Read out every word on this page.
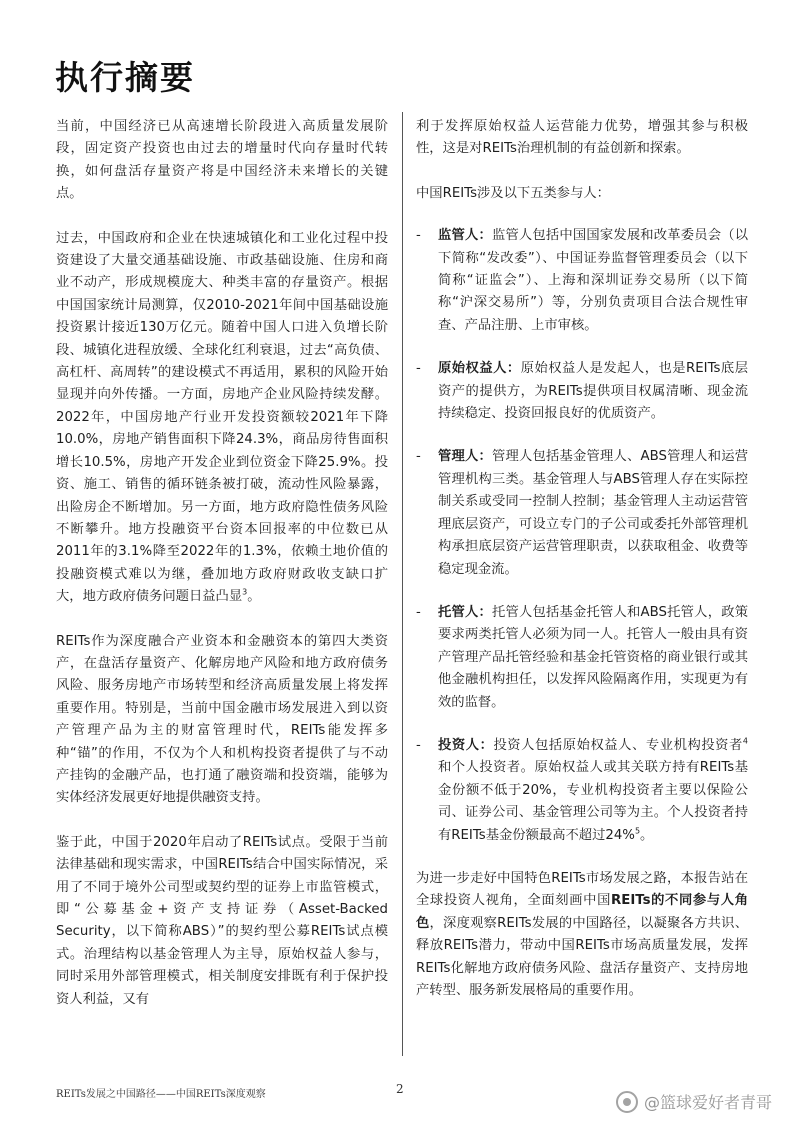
执行摘要

当前，中国经济已从高速增长阶段进入高质量发展阶段，固定资产投资也由过去的增量时代向存量时代转换，如何盘活存量资产将是中国经济未来增长的关键点。

过去，中国政府和企业在快速城镇化和工业化过程中投资建设了大量交通基础设施、市政基础设施、住房和商业不动产，形成规模庞大、种类丰富的存量资产。根据中国国家统计局测算，仅2010-2021年间中国基础设施投资累计接近130万亿元。随着中国人口进入负增长阶段、城镇化进程放缓、全球化红利衰退，过去“高负债、高杠杆、高周转”的建设模式不再适用，累积的风险开始显现并向外传播。一方面，房地产企业风险持续发酵。2022年，中国房地产行业开发投资额较2021年下降10.0%，房地产销售面积下降24.3%，商品房待售面积增长10.5%，房地产开发企业到位资金下降25.9%。投资、施工、销售的循环链条被打破，流动性风险暴露，出险房企不断增加。另一方面，地方政府隐性债务风险不断攀升。地方投融资平台资本回报率的中位数已从2011年的3.1%降至2022年的1.3%，依赖土地价值的投融资模式难以为继，叠加地方政府财政收支缺口扩大，地方政府债务问题日益凸显$^3$。

REITs作为深度融合产业资本和金融资本的第四大类资产，在盘活存量资产、化解房地产风险和地方政府债务风险、服务房地产市场转型和经济高质量发展上将发挥重要作用。特别是，当前中国金融市场发展进入到以资产管理产品为主的财富管理时代，REITs能发挥多种“锚”的作用，不仅为个人和机构投资者提供了与不动产挂钩的金融产品，也打通了融资端和投资端，能够为实体经济发展更好地提供融资支持。

鉴于此，中国于2020年启动了REITs试点。受限于当前法律基础和现实需求，中国REITs结合中国实际情况，采用了不同于境外公司型或契约型的证券上市监管模式，即“公募基金+资产支持证券（Asset-Backed Security，以下简称ABS）”的契约型公募REITs试点模式。治理结构以基金管理人为主导，原始权益人参与，同时采用外部管理模式，相关制度安排既有利于保护投资人利益，又有

利于发挥原始权益人运营能力优势，增强其参与积极性，这是对REITs治理机制的有益创新和探索。

中国REITs涉及以下五类参与人：

-	监管人：监管人包括中国国家发展和改革委员会（以下简称“发改委”）、中国证券监督管理委员会（以下简称“证监会”）、上海和深圳证券交易所（以下简称“沪深交易所”）等，分别负责项目合法合规性审查、产品注册、上市审核。
-	原始权益人：原始权益人是发起人，也是REITs底层资产的提供方，为REITs提供项目权属清晰、现金流持续稳定、投资回报良好的优质资产。
-	管理人：管理人包括基金管理人、ABS管理人和运营管理机构三类。基金管理人与ABS管理人存在实际控制关系或受同一控制人控制；基金管理人主动运营管理底层资产，可设立专门的子公司或委托外部管理机构承担底层资产运营管理职责，以获取租金、收费等稳定现金流。
-	托管人：托管人包括基金托管人和ABS托管人，政策要求两类托管人必须为同一人。托管人一般由具有资产管理产品托管经验和基金托管资格的商业银行或其他金融机构担任，以发挥风险隔离作用，实现更为有效的监督。
-	投资人：投资人包括原始权益人、专业机构投资者$^4$和个人投资者。原始权益人或其关联方持有REITs基金份额不低于20%，专业机构投资者主要以保险公司、证券公司、基金管理公司等为主。个人投资者持有REITs基金份额最高不超过24%$^5$。

为进一步走好中国特色REITs市场发展之路，本报告站在全球投资人视角，全面刻画中国REITs的不同参与人角色，深度观察REITs发展的中国路径，以凝聚各方共识、释放REITs潜力，带动中国REITs市场高质量发展，发挥REITs化解地方政府债务风险、盘活存量资产、支持房地产转型、服务新发展格局的重要作用。

REITs发展之中国路径——中国REITs深度观察	2
@篮球爱好者青哥
